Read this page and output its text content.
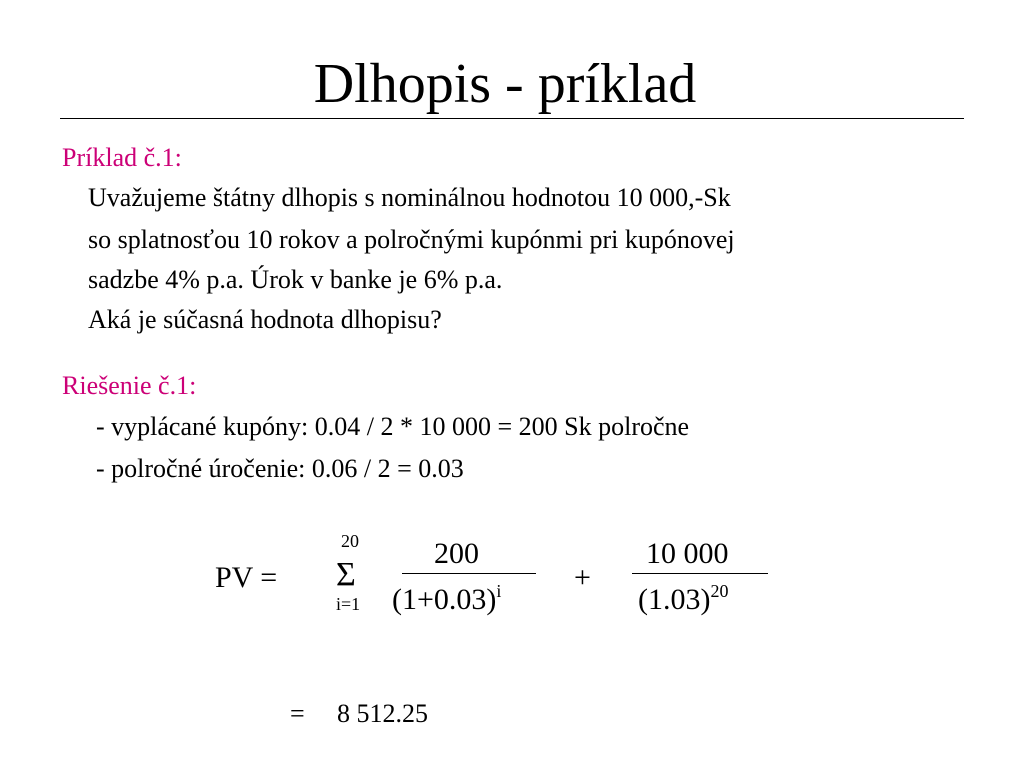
Dlhopis - príklad
Príklad č.1:
Uvažujeme štátny dlhopis s nominálnou hodnotou 10 000,-Sk
so splatnosťou 10 rokov a polročnými kupónmi pri kupónovej
sadzbe 4% p.a. Úrok v banke je 6% p.a.
Aká je súčasná hodnota dlhopisu?
Riešenie č.1:
- vyplácané kupóny: 0.04 / 2 * 10 000 = 200 Sk polročne
- polročné úročenie: 0.06 / 2 = 0.03
PV =
20
Σ
i=1
200
$(1+0.03)^i$ +
10 000
$(1.03)^{20}$
= 8 512.25
